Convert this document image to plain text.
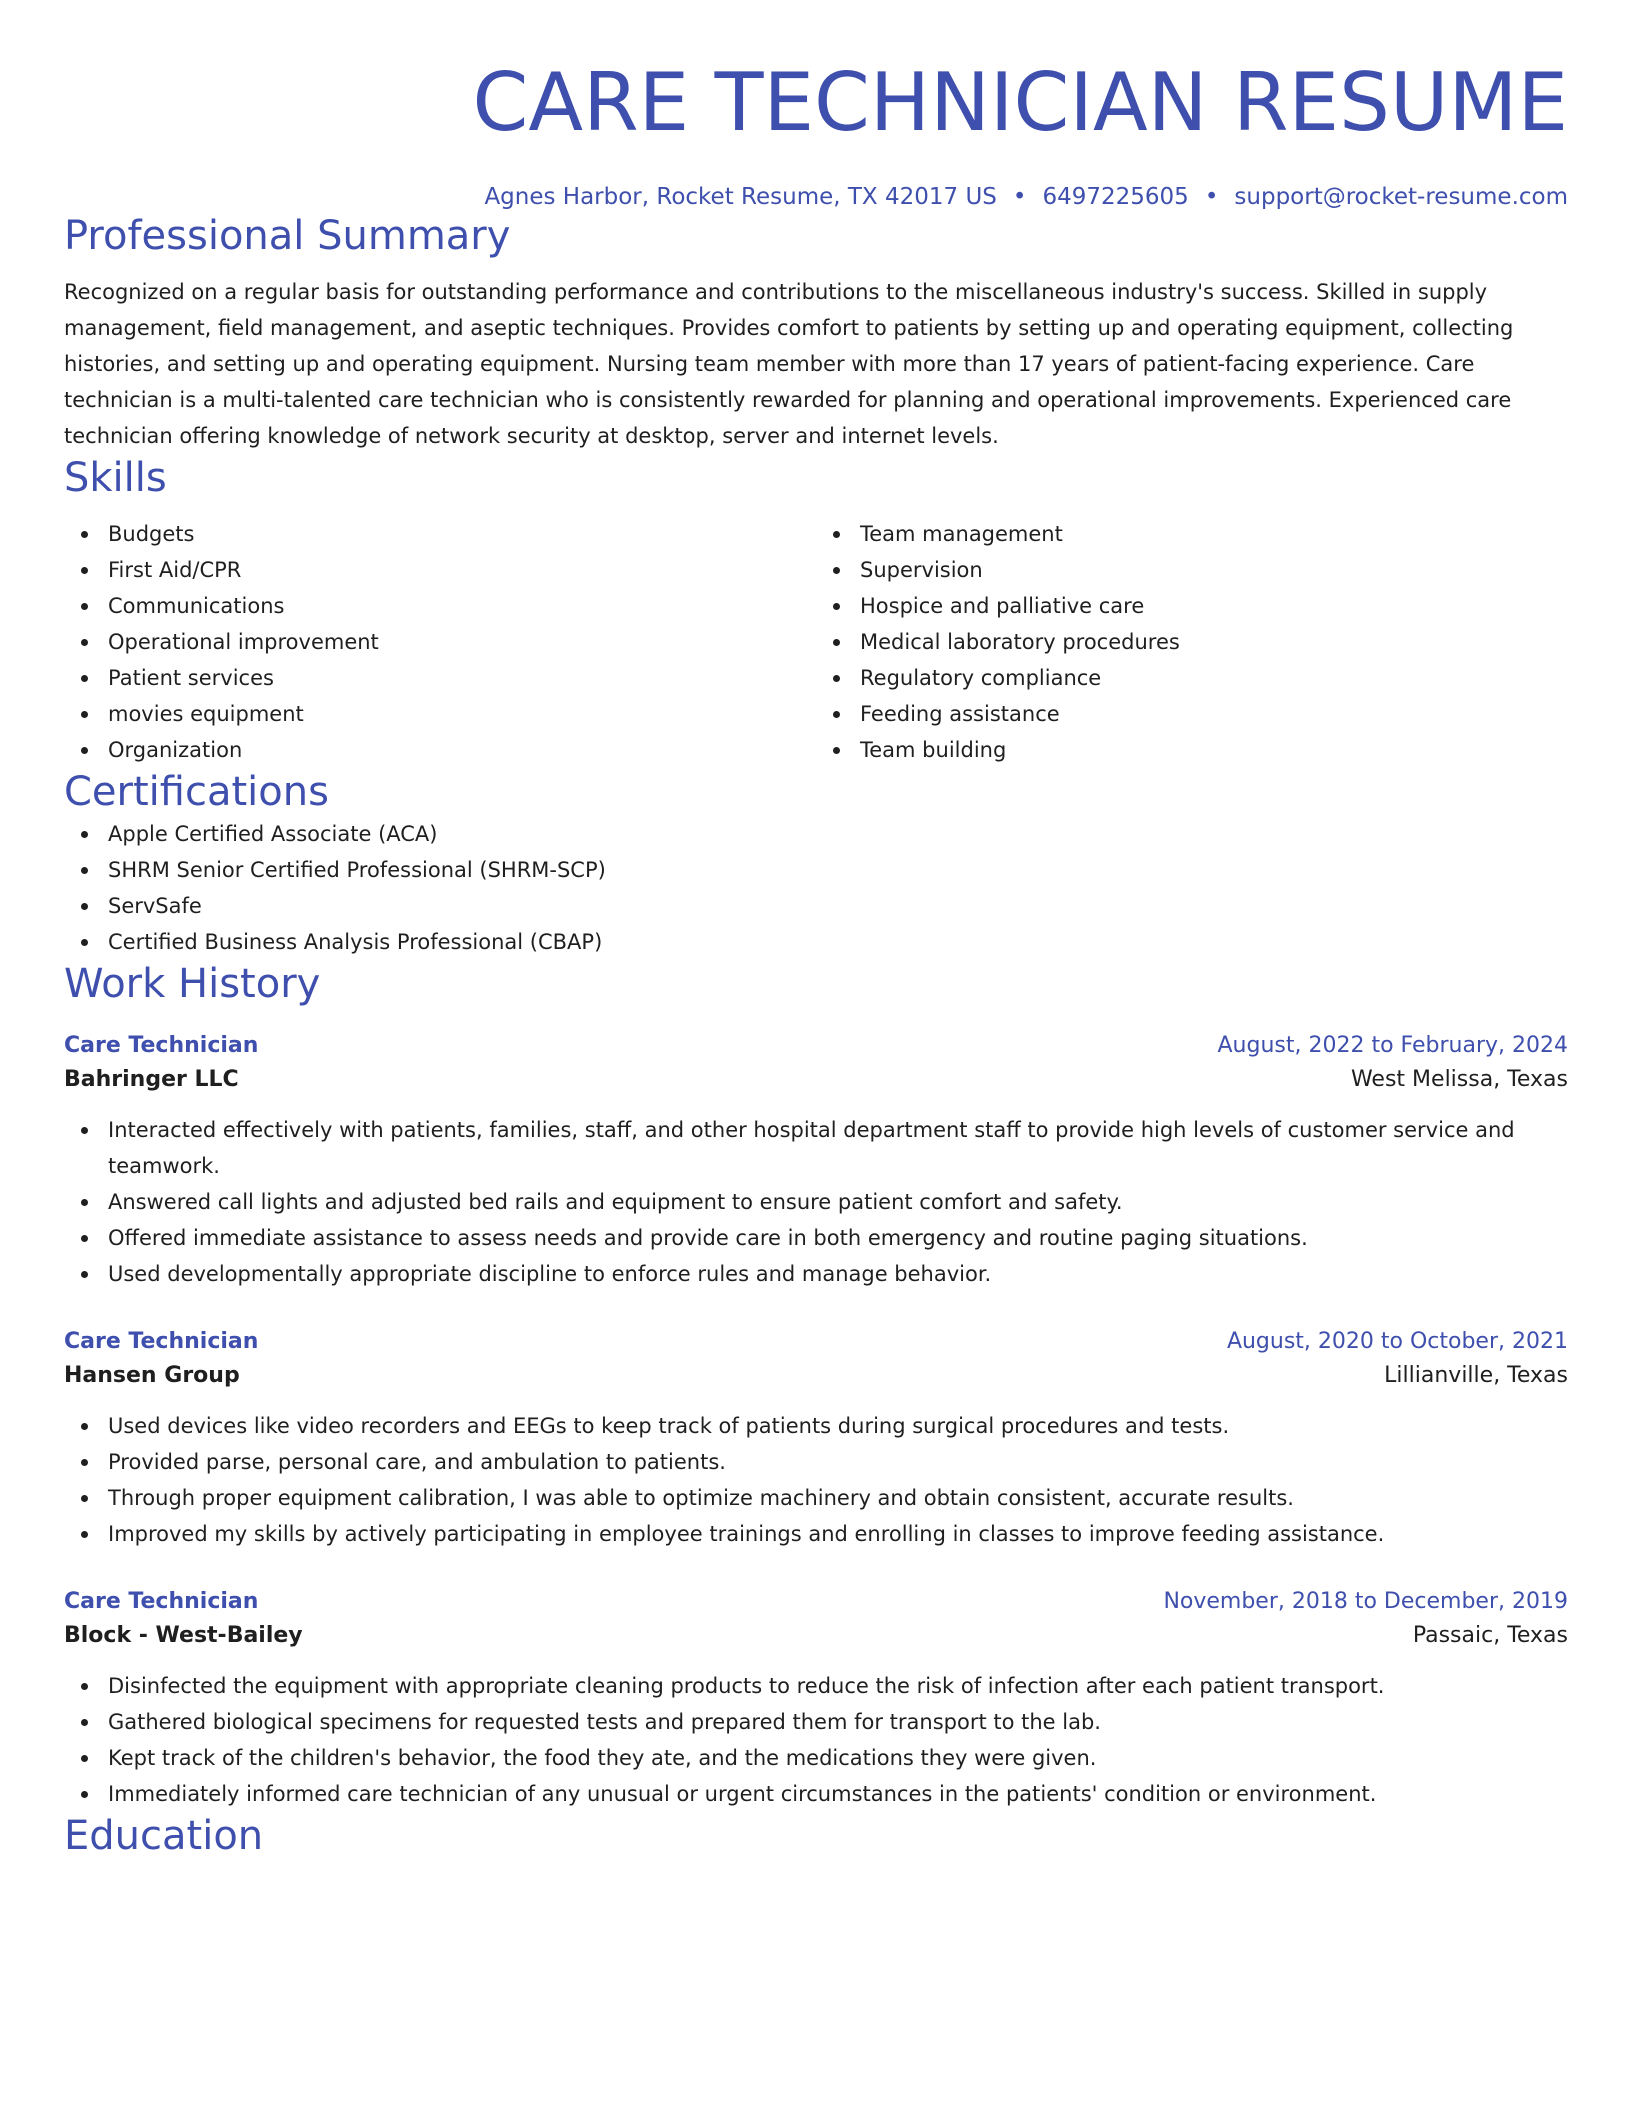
CARE TECHNICIAN RESUME
Agnes Harbor, Rocket Resume, TX 42017 US • 6497225605 • support@rocket-resume.com
Professional Summary

Recognized on a regular basis for outstanding performance and contributions to the miscellaneous industry's success. Skilled in supply management, field management, and aseptic techniques. Provides comfort to patients by setting up and operating equipment, collecting histories, and setting up and operating equipment. Nursing team member with more than 17 years of patient-facing experience. Care technician is a multi-talented care technician who is consistently rewarded for planning and operational improvements. Experienced care technician offering knowledge of network security at desktop, server and internet levels.

Skills
Budgets
First Aid/CPR
Communications
Operational improvement
Patient services
movies equipment
Organization
Team management
Supervision
Hospice and palliative care
Medical laboratory procedures
Regulatory compliance
Feeding assistance
Team building
Certifications
Apple Certified Associate (ACA)
SHRM Senior Certified Professional (SHRM-SCP)
ServSafe
Certified Business Analysis Professional (CBAP)
Work History
Care Technician	August, 2022 to February, 2024
Bahringer LLC	West Melissa, Texas
Interacted effectively with patients, families, staff, and other hospital department staff to provide high levels of customer service and teamwork.
Answered call lights and adjusted bed rails and equipment to ensure patient comfort and safety.
Offered immediate assistance to assess needs and provide care in both emergency and routine paging situations.
Used developmentally appropriate discipline to enforce rules and manage behavior.
Care Technician	August, 2020 to October, 2021
Hansen Group	Lillianville, Texas
Used devices like video recorders and EEGs to keep track of patients during surgical procedures and tests.
Provided parse, personal care, and ambulation to patients.
Through proper equipment calibration, I was able to optimize machinery and obtain consistent, accurate results.
Improved my skills by actively participating in employee trainings and enrolling in classes to improve feeding assistance.
Care Technician	November, 2018 to December, 2019
Block - West-Bailey	Passaic, Texas
Disinfected the equipment with appropriate cleaning products to reduce the risk of infection after each patient transport.
Gathered biological specimens for requested tests and prepared them for transport to the lab.
Kept track of the children's behavior, the food they ate, and the medications they were given.
Immediately informed care technician of any unusual or urgent circumstances in the patients' condition or environment.
Education
